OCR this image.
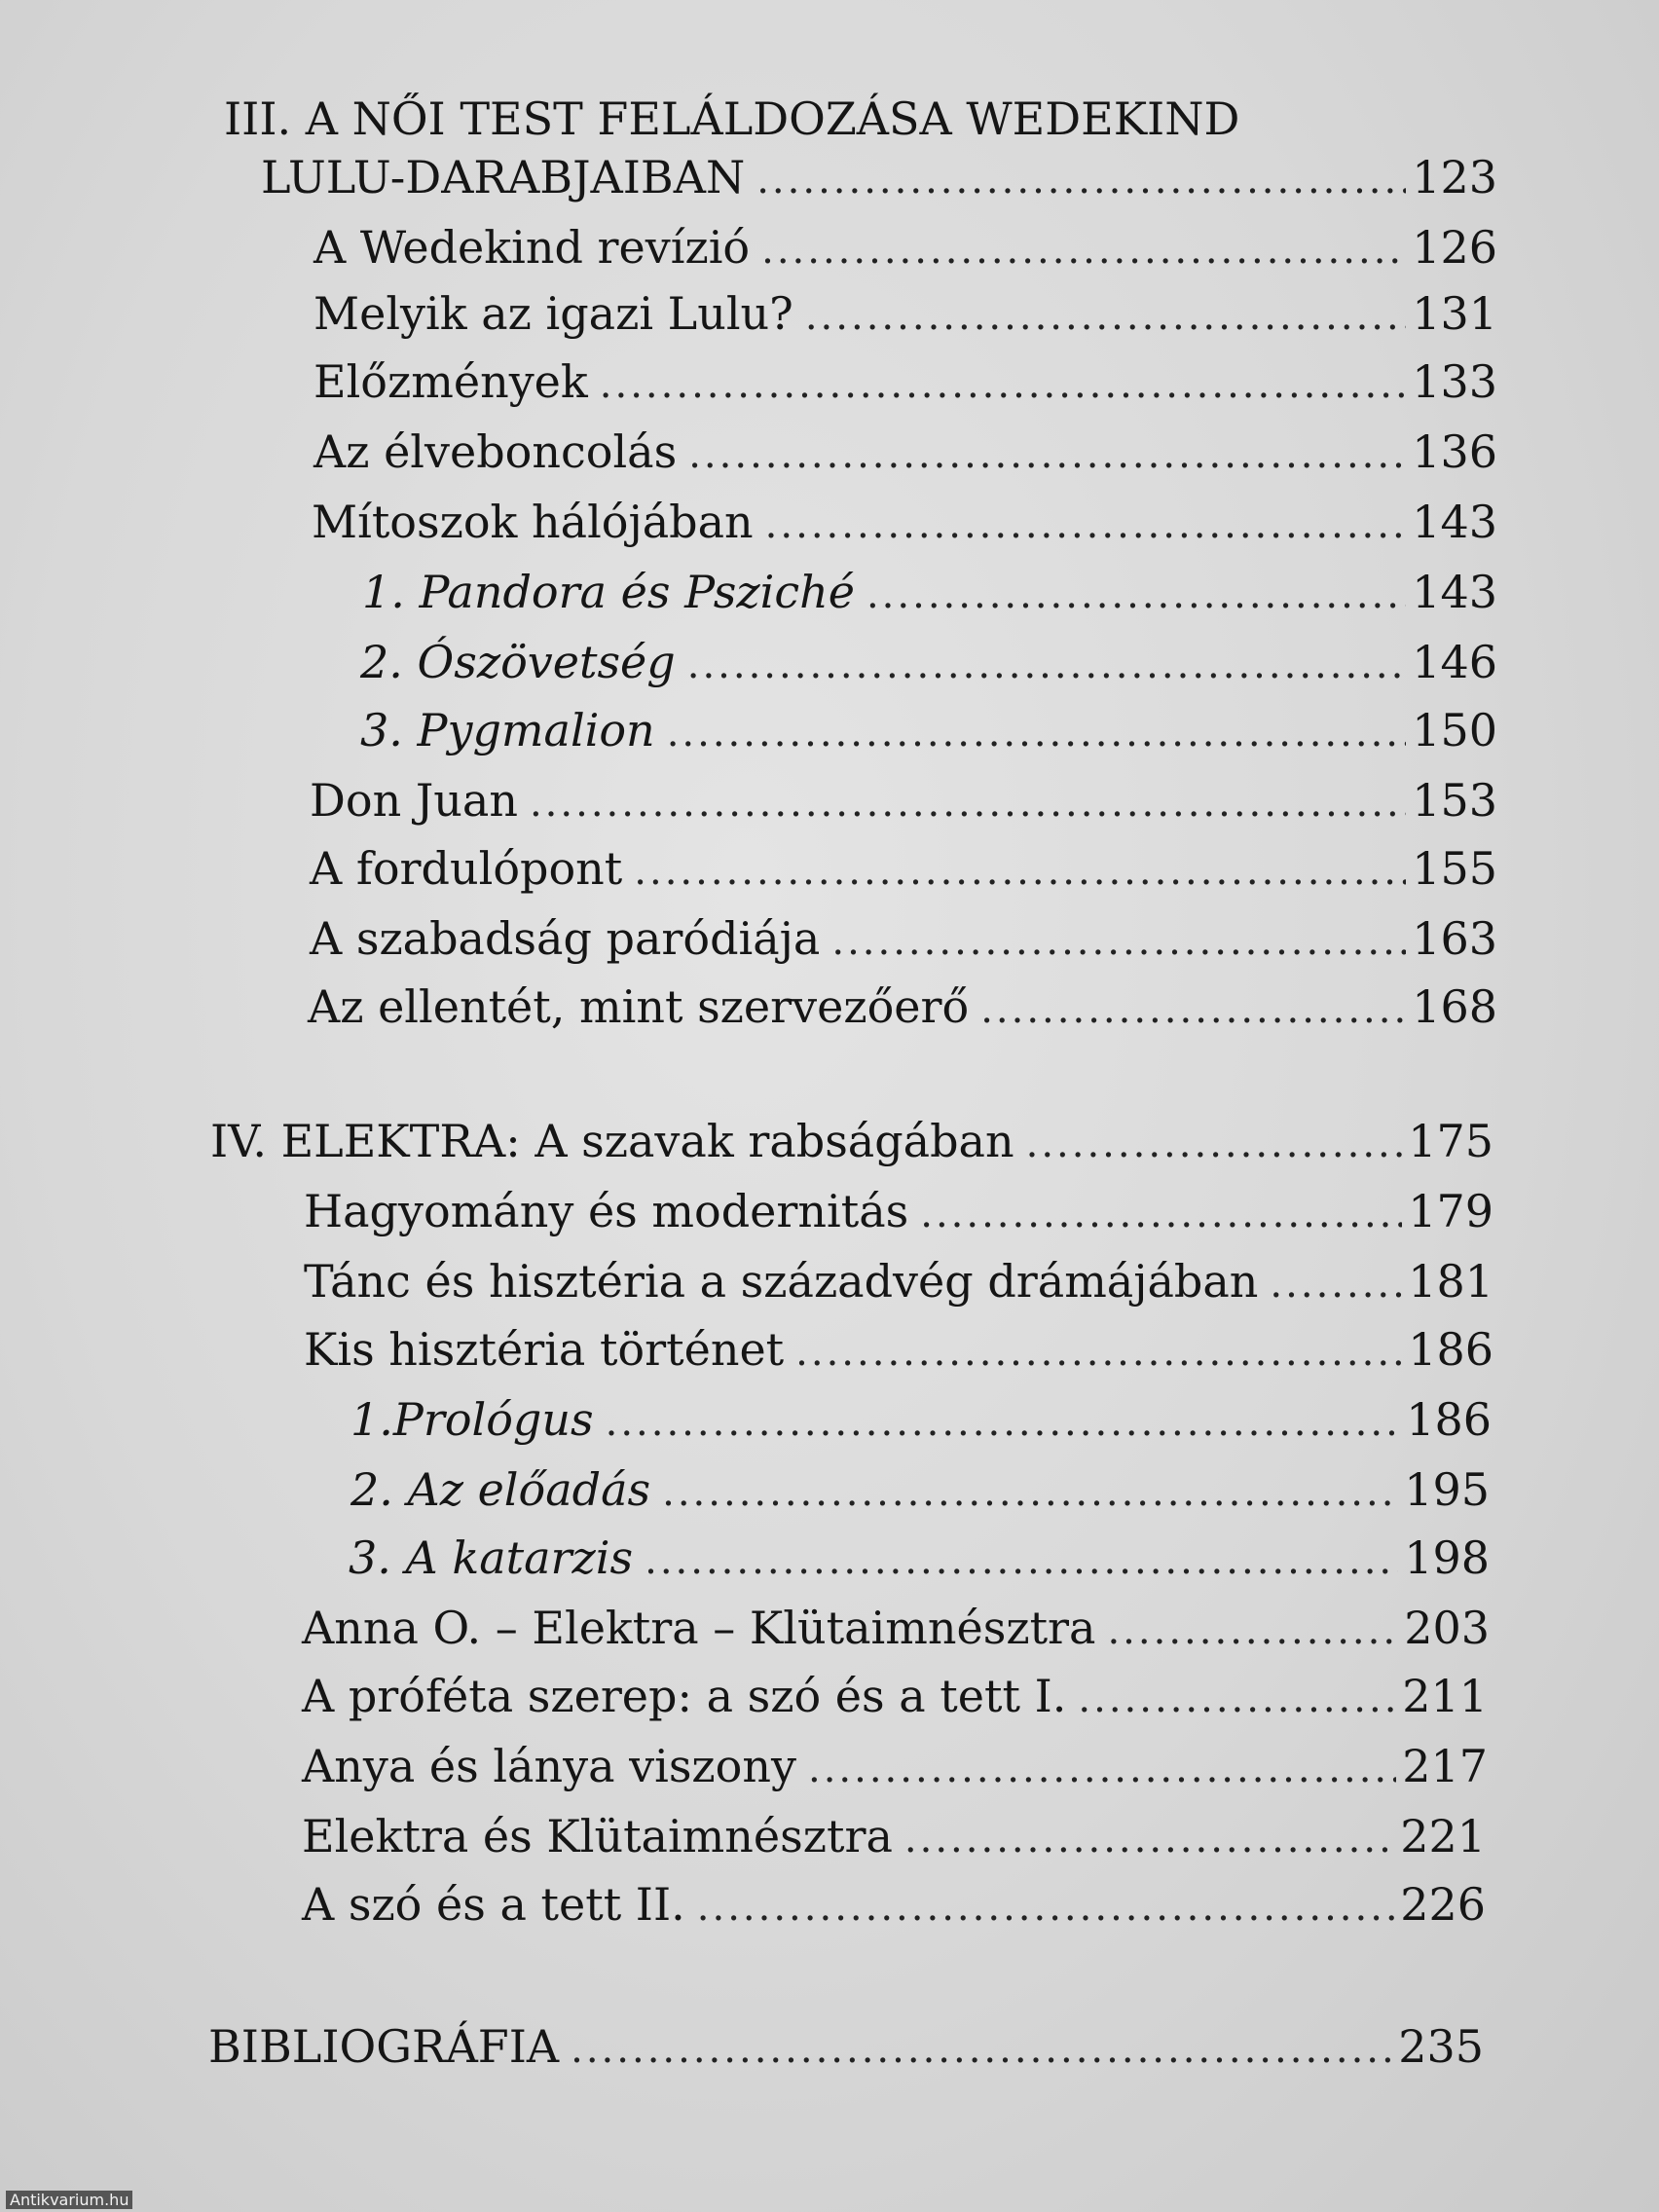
III. A NŐI TEST FELÁLDOZÁSA WEDEKIND
LULU-DARABJAIBAN .....	123
A Wedekind revízió .....	126
Melyik az igazi Lulu? .....	131
Előzmények .....	133
Az élveboncolás .....	136
Mítoszok hálójában .....	143
1. Pandora és Psziché .....	143
2. Ószövetség .....	146
3. Pygmalion .....	150
Don Juan .....	153
A fordulópont .....	155
A szabadság paródiája .....	163
Az ellentét, mint szervezőerő .....	168
IV. ELEKTRA: A szavak rabságában .....	175
Hagyomány és modernitás .....	179
Tánc és hisztéria a századvég drámájában .....	181
Kis hisztéria történet .....	186
1.Prológus .....	186
2. Az előadás .....	195
3. A katarzis .....	198
Anna O. – Elektra – Klütaimnésztra .....	203
A próféta szerep: a szó és a tett I. .....	211
Anya és lánya viszony .....	217
Elektra és Klütaimnésztra .....	221
A szó és a tett II. .....	226
BIBLIOGRÁFIA .....	235
Antikvarium.hu
